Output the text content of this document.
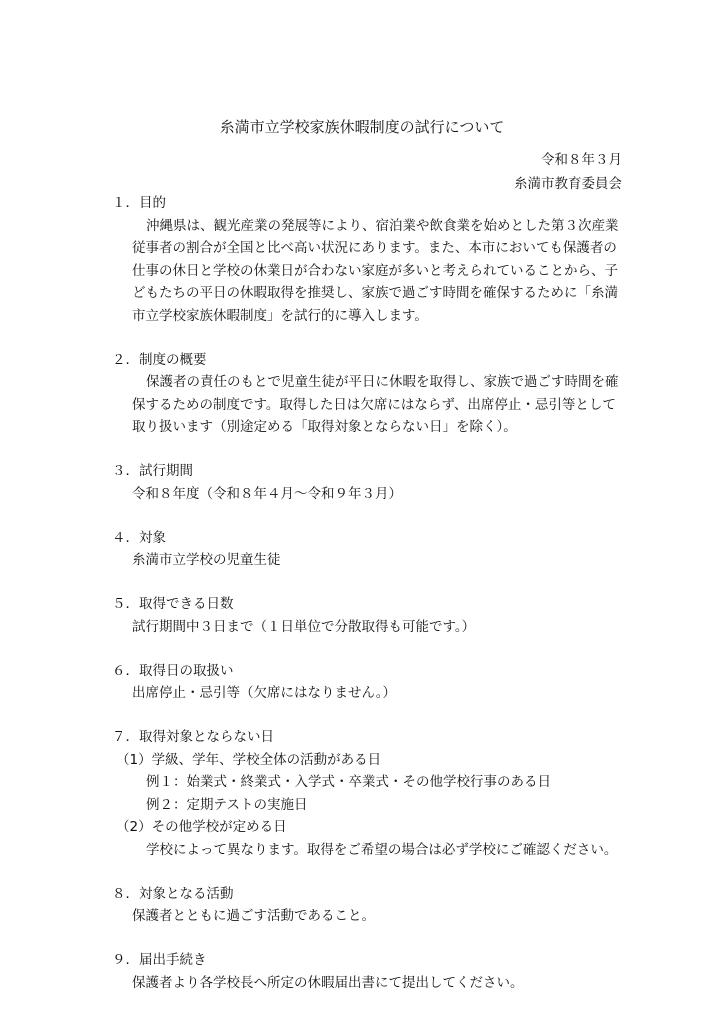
糸満市立学校家族休暇制度の試行について
令和８年３月
糸満市教育委員会
１．目的
沖縄県は、観光産業の発展等により、宿泊業や飲食業を始めとした第３次産業従事者の割合が全国と比べ高い状況にあります。また、本市においても保護者の仕事の休日と学校の休業日が合わない家庭が多いと考えられていることから、子どもたちの平日の休暇取得を推奨し、家族で過ごす時間を確保するために「糸満市立学校家族休暇制度」を試行的に導入します。
２．制度の概要
保護者の責任のもとで児童生徒が平日に休暇を取得し、家族で過ごす時間を確保するための制度です。取得した日は欠席にはならず、出席停止・忌引等として取り扱います（別途定める「取得対象とならない日」を除く）。
３．試行期間
令和８年度（令和８年４月～令和９年３月）
４．対象
糸満市立学校の児童生徒
５．取得できる日数
試行期間中３日まで（１日単位で分散取得も可能です。）
６．取得日の取扱い
出席停止・忌引等（欠席にはなりません。）
７．取得対象とならない日
（1）学級、学年、学校全体の活動がある日
例１：始業式・終業式・入学式・卒業式・その他学校行事のある日
例２：定期テストの実施日
（2）その他学校が定める日
学校によって異なります。取得をご希望の場合は必ず学校にご確認ください。
８．対象となる活動
保護者とともに過ごす活動であること。
９．届出手続き
保護者より各学校長へ所定の休暇届出書にて提出してください。
